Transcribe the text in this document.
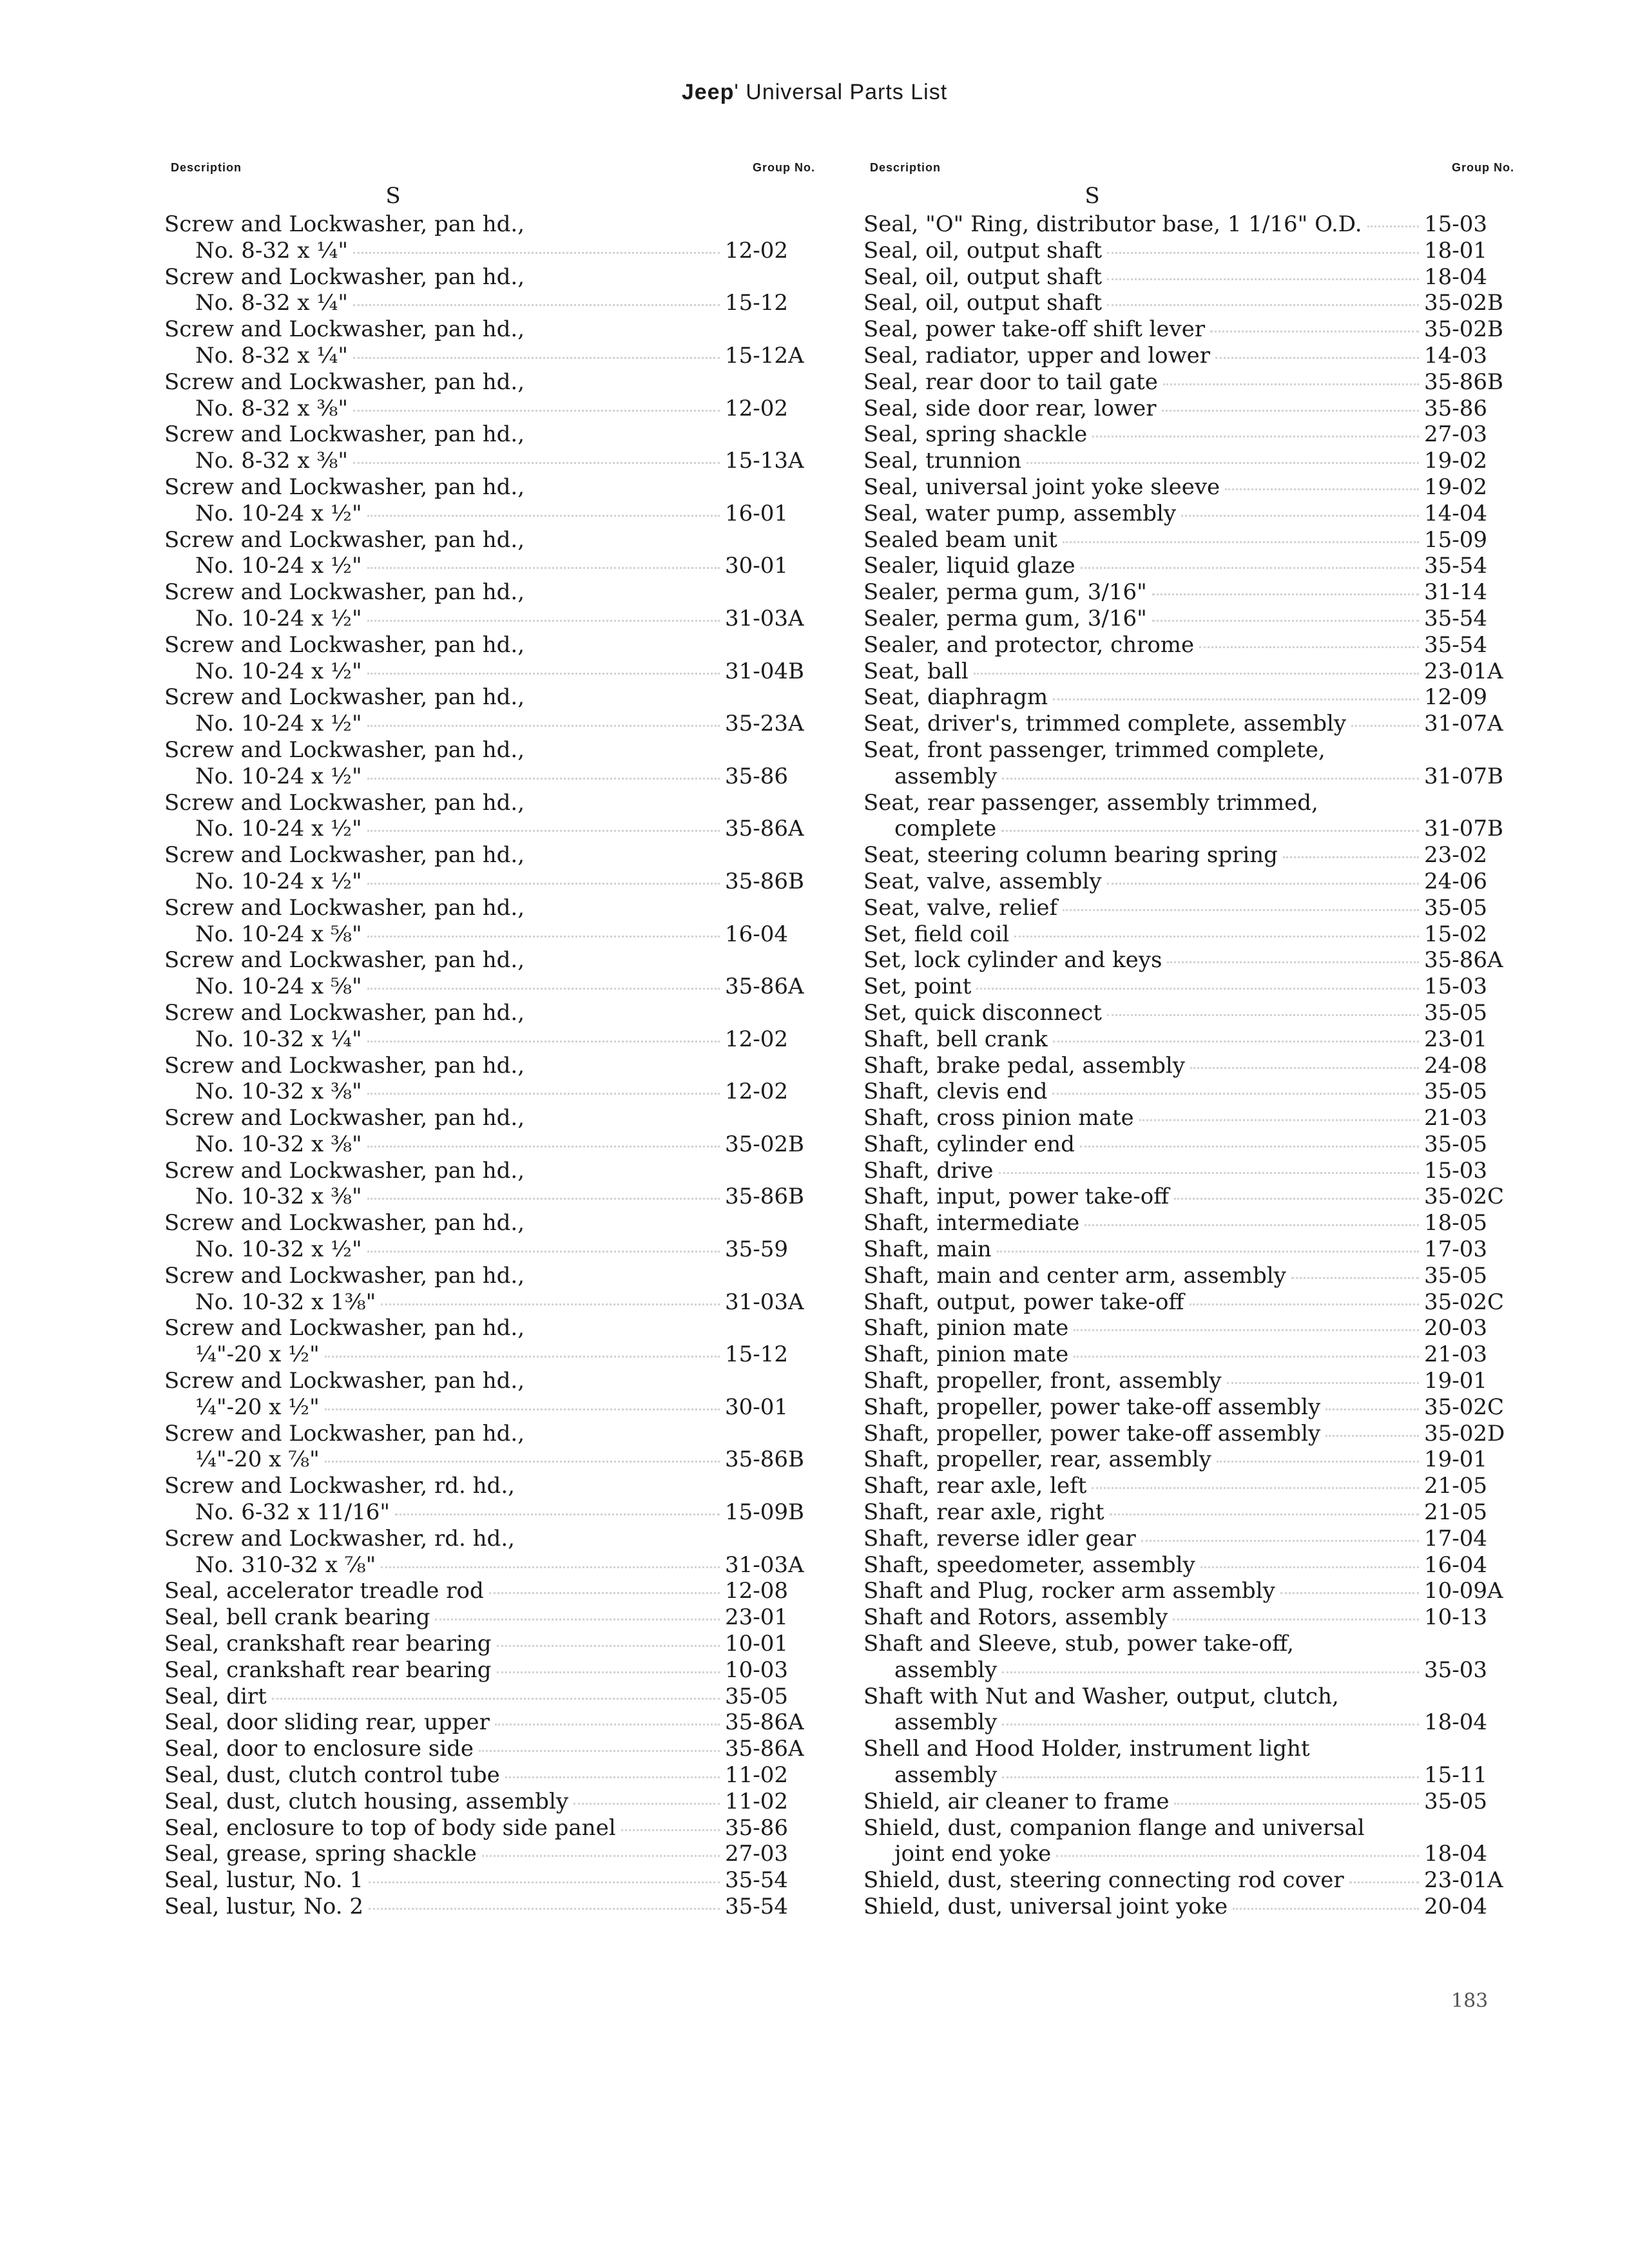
Jeep' Universal Parts List
Description	Group No.
S
Screw and Lockwasher, pan hd.,
No. 8-32 x ¼"	12-02
Screw and Lockwasher, pan hd.,
No. 8-32 x ¼"	15-12
Screw and Lockwasher, pan hd.,
No. 8-32 x ¼"	15-12A
Screw and Lockwasher, pan hd.,
No. 8-32 x ⅜"	12-02
Screw and Lockwasher, pan hd.,
No. 8-32 x ⅜"	15-13A
Screw and Lockwasher, pan hd.,
No. 10-24 x ½"	16-01
Screw and Lockwasher, pan hd.,
No. 10-24 x ½"	30-01
Screw and Lockwasher, pan hd.,
No. 10-24 x ½"	31-03A
Screw and Lockwasher, pan hd.,
No. 10-24 x ½"	31-04B
Screw and Lockwasher, pan hd.,
No. 10-24 x ½"	35-23A
Screw and Lockwasher, pan hd.,
No. 10-24 x ½"	35-86
Screw and Lockwasher, pan hd.,
No. 10-24 x ½"	35-86A
Screw and Lockwasher, pan hd.,
No. 10-24 x ½"	35-86B
Screw and Lockwasher, pan hd.,
No. 10-24 x ⅝"	16-04
Screw and Lockwasher, pan hd.,
No. 10-24 x ⅝"	35-86A
Screw and Lockwasher, pan hd.,
No. 10-32 x ¼"	12-02
Screw and Lockwasher, pan hd.,
No. 10-32 x ⅜"	12-02
Screw and Lockwasher, pan hd.,
No. 10-32 x ⅜"	35-02B
Screw and Lockwasher, pan hd.,
No. 10-32 x ⅜"	35-86B
Screw and Lockwasher, pan hd.,
No. 10-32 x ½"	35-59
Screw and Lockwasher, pan hd.,
No. 10-32 x 1⅜"	31-03A
Screw and Lockwasher, pan hd.,
¼"-20 x ½"	15-12
Screw and Lockwasher, pan hd.,
¼"-20 x ½"	30-01
Screw and Lockwasher, pan hd.,
¼"-20 x ⅞"	35-86B
Screw and Lockwasher, rd. hd.,
No. 6-32 x 11/16"	15-09B
Screw and Lockwasher, rd. hd.,
No. 310-32 x ⅞"	31-03A
Seal, accelerator treadle rod	12-08
Seal, bell crank bearing	23-01
Seal, crankshaft rear bearing	10-01
Seal, crankshaft rear bearing	10-03
Seal, dirt	35-05
Seal, door sliding rear, upper	35-86A
Seal, door to enclosure side	35-86A
Seal, dust, clutch control tube	11-02
Seal, dust, clutch housing, assembly	11-02
Seal, enclosure to top of body side panel	35-86
Seal, grease, spring shackle	27-03
Seal, lustur, No. 1	35-54
Seal, lustur, No. 2	35-54
Description	Group No.
S
Seal, "O" Ring, distributor base, 1 1/16" O.D.	15-03
Seal, oil, output shaft	18-01
Seal, oil, output shaft	18-04
Seal, oil, output shaft	35-02B
Seal, power take-off shift lever	35-02B
Seal, radiator, upper and lower	14-03
Seal, rear door to tail gate	35-86B
Seal, side door rear, lower	35-86
Seal, spring shackle	27-03
Seal, trunnion	19-02
Seal, universal joint yoke sleeve	19-02
Seal, water pump, assembly	14-04
Sealed beam unit	15-09
Sealer, liquid glaze	35-54
Sealer, perma gum, 3/16"	31-14
Sealer, perma gum, 3/16"	35-54
Sealer, and protector, chrome	35-54
Seat, ball	23-01A
Seat, diaphragm	12-09
Seat, driver's, trimmed complete, assembly	31-07A
Seat, front passenger, trimmed complete,
assembly	31-07B
Seat, rear passenger, assembly trimmed,
complete	31-07B
Seat, steering column bearing spring	23-02
Seat, valve, assembly	24-06
Seat, valve, relief	35-05
Set, field coil	15-02
Set, lock cylinder and keys	35-86A
Set, point	15-03
Set, quick disconnect	35-05
Shaft, bell crank	23-01
Shaft, brake pedal, assembly	24-08
Shaft, clevis end	35-05
Shaft, cross pinion mate	21-03
Shaft, cylinder end	35-05
Shaft, drive	15-03
Shaft, input, power take-off	35-02C
Shaft, intermediate	18-05
Shaft, main	17-03
Shaft, main and center arm, assembly	35-05
Shaft, output, power take-off	35-02C
Shaft, pinion mate	20-03
Shaft, pinion mate	21-03
Shaft, propeller, front, assembly	19-01
Shaft, propeller, power take-off assembly	35-02C
Shaft, propeller, power take-off assembly	35-02D
Shaft, propeller, rear, assembly	19-01
Shaft, rear axle, left	21-05
Shaft, rear axle, right	21-05
Shaft, reverse idler gear	17-04
Shaft, speedometer, assembly	16-04
Shaft and Plug, rocker arm assembly	10-09A
Shaft and Rotors, assembly	10-13
Shaft and Sleeve, stub, power take-off,
assembly	35-03
Shaft with Nut and Washer, output, clutch,
assembly	18-04
Shell and Hood Holder, instrument light
assembly	15-11
Shield, air cleaner to frame	35-05
Shield, dust, companion flange and universal
joint end yoke	18-04
Shield, dust, steering connecting rod cover	23-01A
Shield, dust, universal joint yoke	20-04
183
